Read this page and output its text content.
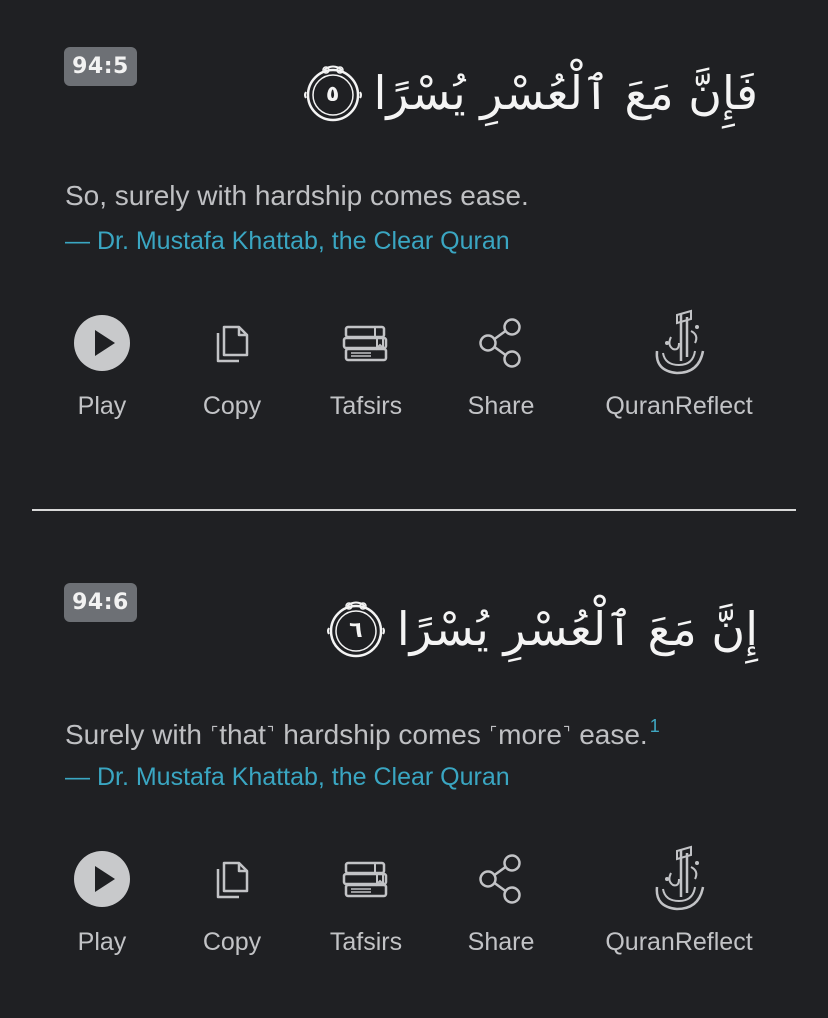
94:5	فَإِنَّ مَعَ ٱلْعُسْرِ يُسْرًا
٥
So, surely with hardship comes ease.
— Dr. Mustafa Khattab, the Clear Quran
Play	Copy	Tafsirs	Share	QuranReflect
94:6	إِنَّ مَعَ ٱلْعُسْرِ يُسْرًا
٦
Surely with ⌜that⌝ hardship comes ⌜more⌝ ease. $^1$
— Dr. Mustafa Khattab, the Clear Quran
Play	Copy	Tafsirs	Share	QuranReflect
